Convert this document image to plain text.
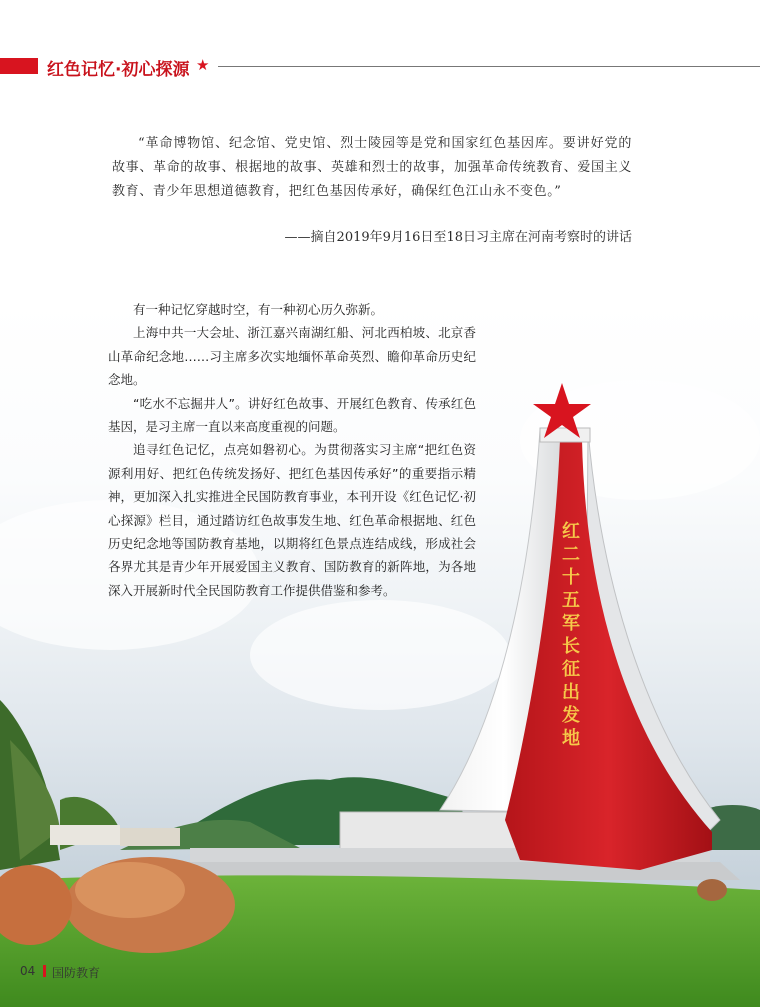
红色记忆·初心探源 ★
“革命博物馆、纪念馆、党史馆、烈士陵园等是党和国家红色基因库。要讲好党的故事、革命的故事、根据地的故事、英雄和烈士的故事，加强革命传统教育、爱国主义教育、青少年思想道德教育，把红色基因传承好，确保红色江山永不变色。”
——摘自2019年9月16日至18日习主席在河南考察时的讲话
红二十五军长征出发地

有一种记忆穿越时空，有一种初心历久弥新。

上海中共一大会址、浙江嘉兴南湖红船、河北西柏坡、北京香山革命纪念地……习主席多次实地缅怀革命英烈、瞻仰革命历史纪念地。

“吃水不忘掘井人”。讲好红色故事、开展红色教育、传承红色基因，是习主席一直以来高度重视的问题。

追寻红色记忆，点亮如磐初心。为贯彻落实习主席“把红色资源利用好、把红色传统发扬好、把红色基因传承好”的重要指示精神，更加深入扎实推进全民国防教育事业，本刊开设《红色记忆·初心探源》栏目，通过踏访红色故事发生地、红色革命根据地、红色历史纪念地等国防教育基地，以期将红色景点连结成线，形成社会各界尤其是青少年开展爱国主义教育、国防教育的新阵地，为各地深入开展新时代全民国防教育工作提供借鉴和参考。

04 国防教育
